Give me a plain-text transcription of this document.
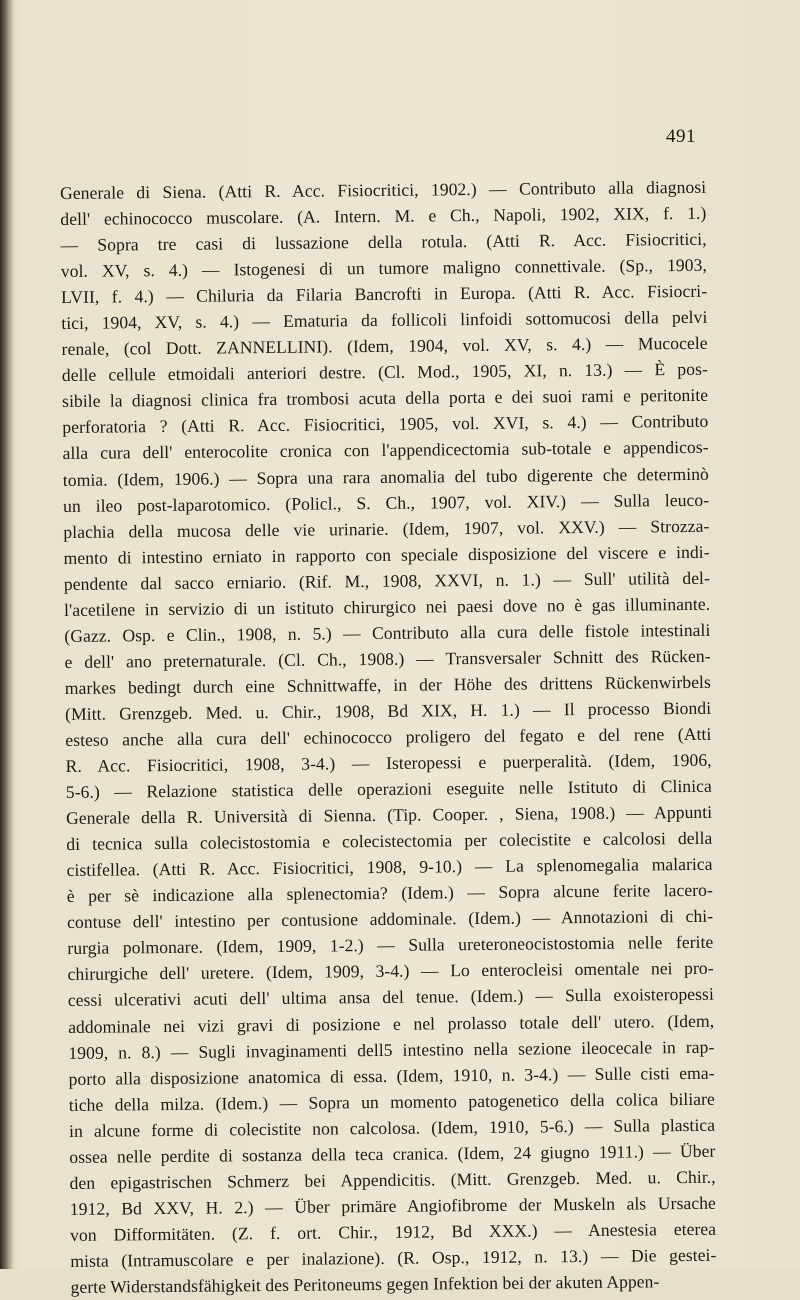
491
Generale di Siena. (Atti R. Acc. Fisiocritici, 1902.) — Contributo alla diagnosi
dell' echinococco muscolare. (A. Intern. M. e Ch., Napoli, 1902, XIX, f. 1.)
— Sopra tre casi di lussazione della rotula. (Atti R. Acc. Fisiocritici,
vol. XV, s. 4.) — Istogenesi di un tumore maligno connettivale. (Sp., 1903,
LVII, f. 4.) — Chiluria da Filaria Bancrofti in Europa. (Atti R. Acc. Fisiocri-
tici, 1904, XV, s. 4.) — Ematuria da follicoli linfoidi sottomucosi della pelvi
renale, (col Dott. ZANNELLINI). (Idem, 1904, vol. XV, s. 4.) — Mucocele
delle cellule etmoidali anteriori destre. (Cl. Mod., 1905, XI, n. 13.) — È pos-
sibile la diagnosi clinica fra trombosi acuta della porta e dei suoi rami e peritonite
perforatoria ? (Atti R. Acc. Fisiocritici, 1905, vol. XVI, s. 4.) — Contributo
alla cura dell' enterocolite cronica con l'appendicectomia sub-totale e appendicos-
tomia. (Idem, 1906.) — Sopra una rara anomalia del tubo digerente che determinò
un ileo post-laparotomico. (Policl., S. Ch., 1907, vol. XIV.) — Sulla leuco-
plachia della mucosa delle vie urinarie. (Idem, 1907, vol. XXV.) — Strozza-
mento di intestino erniato in rapporto con speciale disposizione del viscere e indi-
pendente dal sacco erniario. (Rif. M., 1908, XXVI, n. 1.) — Sull' utilità del-
l'acetilene in servizio di un istituto chirurgico nei paesi dove no è gas illuminante.
(Gazz. Osp. e Clin., 1908, n. 5.) — Contributo alla cura delle fistole intestinali
e dell' ano preternaturale. (Cl. Ch., 1908.) — Transversaler Schnitt des Rücken-
markes bedingt durch eine Schnittwaffe, in der Höhe des drittens Rückenwirbels
(Mitt. Grenzgeb. Med. u. Chir., 1908, Bd XIX, H. 1.) — Il processo Biondi
esteso anche alla cura dell' echinococco proligero del fegato e del rene (Atti
R. Acc. Fisiocritici, 1908, 3-4.) — Isteropessi e puerperalità. (Idem, 1906,
5-6.) — Relazione statistica delle operazioni eseguite nelle Istituto di Clinica
Generale della R. Università di Sienna. (Tip. Cooper. , Siena, 1908.) — Appunti
di tecnica sulla colecistostomia e colecistectomia per colecistite e calcolosi della
cistifellea. (Atti R. Acc. Fisiocritici, 1908, 9-10.) — La splenomegalia malarica
è per sè indicazione alla splenectomia? (Idem.) — Sopra alcune ferite lacero-
contuse dell' intestino per contusione addominale. (Idem.) — Annotazioni di chi-
rurgia polmonare. (Idem, 1909, 1-2.) — Sulla ureteroneocistostomia nelle ferite
chirurgiche dell' uretere. (Idem, 1909, 3-4.) — Lo enterocleisi omentale nei pro-
cessi ulcerativi acuti dell' ultima ansa del tenue. (Idem.) — Sulla exoisteropessi
addominale nei vizi gravi di posizione e nel prolasso totale dell' utero. (Idem,
1909, n. 8.) — Sugli invaginamenti dell5 intestino nella sezione ileocecale in rap-
porto alla disposizione anatomica di essa. (Idem, 1910, n. 3-4.) — Sulle cisti ema-
tiche della milza. (Idem.) — Sopra un momento patogenetico della colica biliare
in alcune forme di colecistite non calcolosa. (Idem, 1910, 5-6.) — Sulla plastica
ossea nelle perdite di sostanza della teca cranica. (Idem, 24 giugno 1911.) — Über
den epigastrischen Schmerz bei Appendicitis. (Mitt. Grenzgeb. Med. u. Chir.,
1912, Bd XXV, H. 2.) — Über primäre Angiofibrome der Muskeln als Ursache
von Difformitäten. (Z. f. ort. Chir., 1912, Bd XXX.) — Anestesia eterea
mista (Intramuscolare e per inalazione). (R. Osp., 1912, n. 13.) — Die gestei-
gerte Widerstandsfähigkeit des Peritoneums gegen Infektion bei der akuten Appen-
